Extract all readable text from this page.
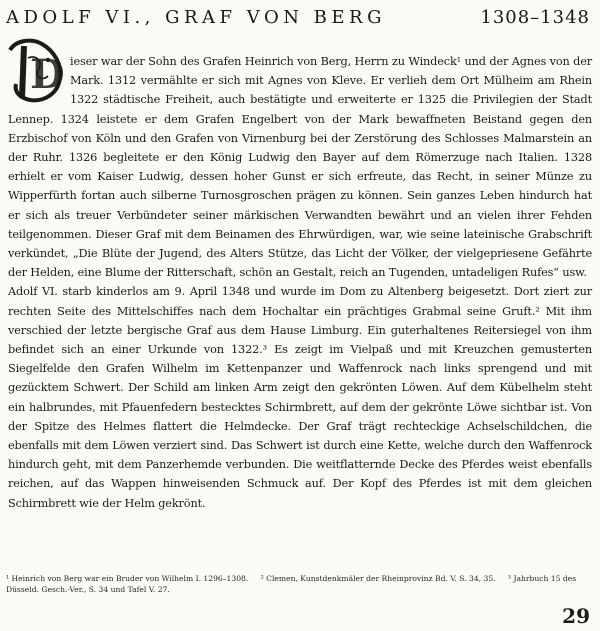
ADOLF VI., GRAF VON BERG	1308–1348
D ieser war der Sohn des Grafen Heinrich von Berg, Herrn zu Windeck¹ und der Agnes von der Mark. 1312 vermählte er sich mit Agnes von Kleve. Er verlieh dem Ort Mülheim am Rhein 1322 städtische Freiheit, auch bestätigte und erweiterte er 1325 die Privilegien der Stadt Lennep. 1324 leistete er dem Grafen Engelbert von der Mark bewaffneten Beistand gegen den Erzbischof von Köln und den Grafen von Virnenburg bei der Zerstörung des Schlosses Malmarstein an der Ruhr. 1326 begleitete er den König Ludwig den Bayer auf dem Römerzuge nach Italien. 1328 erhielt er vom Kaiser Ludwig, dessen hoher Gunst er sich erfreute, das Recht, in seiner Münze zu Wipperfürth fortan auch silberne Turnosgroschen prägen zu können. Sein ganzes Leben hindurch hat er sich als treuer Verbündeter seiner märkischen Verwandten bewährt und an vielen ihrer Fehden teilgenommen. Dieser Graf mit dem Beinamen des Ehrwürdigen, war, wie seine lateinische Grabschrift verkündet, „Die Blüte der Jugend, des Alters Stütze, das Licht der Völker, der vielgepriesene Gefährte der Helden, eine Blume der Ritterschaft, schön an Gestalt, reich an Tugenden, untadeligen Rufes“ usw.

Adolf VI. starb kinderlos am 9. April 1348 und wurde im Dom zu Altenberg beigesetzt. Dort ziert zur rechten Seite des Mittelschiffes nach dem Hochaltar ein prächtiges Grabmal seine Gruft.² Mit ihm verschied der letzte bergische Graf aus dem Hause Limburg. Ein guterhaltenes Reitersiegel von ihm befindet sich an einer Urkunde von 1322.³ Es zeigt im Vielpaß und mit Kreuzchen gemusterten Siegelfelde den Grafen Wilhelm im Kettenpanzer und Waffenrock nach links sprengend und mit gezücktem Schwert. Der Schild am linken Arm zeigt den gekrönten Löwen. Auf dem Kübelhelm steht ein halbrundes, mit Pfauenfedern bestecktes Schirmbrett, auf dem der gekrönte Löwe sichtbar ist. Von der Spitze des Helmes flattert die Helmdecke. Der Graf trägt rechteckige Achselschildchen, die ebenfalls mit dem Löwen verziert sind. Das Schwert ist durch eine Kette, welche durch den Waffenrock hindurch geht, mit dem Panzerhemde verbunden. Die weitflatternde Decke des Pferdes weist ebenfalls reichen, auf das Wappen hinweisenden Schmuck auf. Der Kopf des Pferdes ist mit dem gleichen Schirmbrett wie der Helm gekrönt.

¹ Heinrich von Berg war ein Bruder von Wilhelm I. 1296–1308. ² Clemen, Kunstdenkmäler der Rheinprovinz Bd. V. S. 34, 35. ³ Jahrbuch 15 des Düsseld. Gesch.-Ver., S. 34 und Tafel V. 27.
29
